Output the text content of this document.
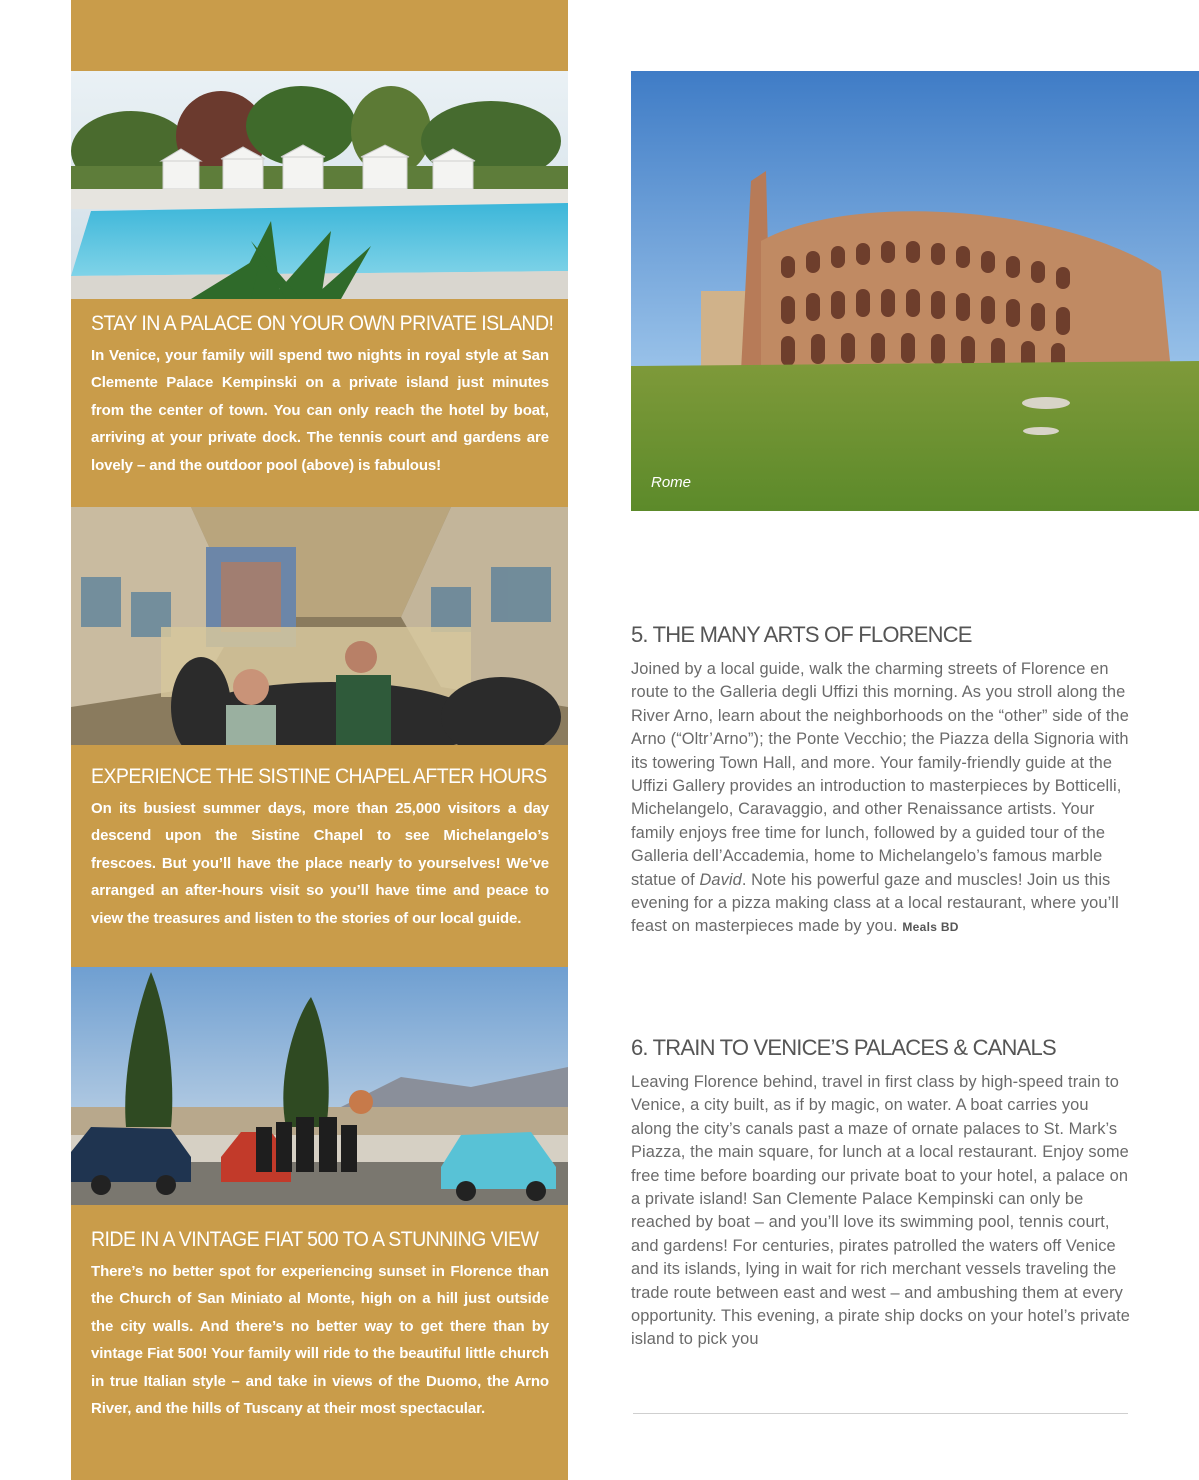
STAY IN A PALACE ON YOUR OWN PRIVATE ISLAND!

In Venice, your family will spend two nights in royal style at San Clemente Palace Kempinski on a private island just minutes from the center of town. You can only reach the hotel by boat, arriving at your private dock. The tennis court and gardens are lovely – and the outdoor pool (above) is fabulous!

EXPERIENCE THE SISTINE CHAPEL AFTER HOURS

On its busiest summer days, more than 25,000 visitors a day descend upon the Sistine Chapel to see Michelangelo’s frescoes. But you’ll have the place nearly to yourselves! We’ve arranged an after-hours visit so you’ll have time and peace to view the treasures and listen to the stories of our local guide.

RIDE IN A VINTAGE FIAT 500 TO A STUNNING VIEW

There’s no better spot for experiencing sunset in Florence than the Church of San Miniato al Monte, high on a hill just outside the city walls. And there’s no better way to get there than by vintage Fiat 500! Your family will ride to the beautiful little church in true Italian style – and take in views of the Duomo, the Arno River, and the hills of Tuscany at their most spectacular.

Rome
5. THE MANY ARTS OF FLORENCE

Joined by a local guide, walk the charming streets of Florence en route to the Galleria degli Uffizi this morning. As you stroll along the River Arno, learn about the neighborhoods on the “other” side of the Arno (“Oltr’Arno”); the Ponte Vecchio; the Piazza della Signoria with its towering Town Hall, and more. Your family-friendly guide at the Uffizi Gallery provides an introduction to masterpieces by Botticelli, Michelangelo, Caravaggio, and other Renaissance artists. Your family enjoys free time for lunch, followed by a guided tour of the Galleria dell’Accademia, home to Michelangelo’s famous marble statue of David. Note his powerful gaze and muscles! Join us this evening for a pizza making class at a local restaurant, where you’ll feast on masterpieces made by you. Meals BD

6. TRAIN TO VENICE’S PALACES & CANALS

Leaving Florence behind, travel in first class by high-speed train to Venice, a city built, as if by magic, on water. A boat carries you along the city’s canals past a maze of ornate palaces to St. Mark’s Piazza, the main square, for lunch at a local restaurant. Enjoy some free time before boarding our private boat to your hotel, a palace on a private island! San Clemente Palace Kempinski can only be reached by boat – and you’ll love its swimming pool, tennis court, and gardens! For centuries, pirates patrolled the waters off Venice and its islands, lying in wait for rich merchant vessels traveling the trade route between east and west – and ambushing them at every opportunity. This evening, a pirate ship docks on your hotel’s private island to pick you
